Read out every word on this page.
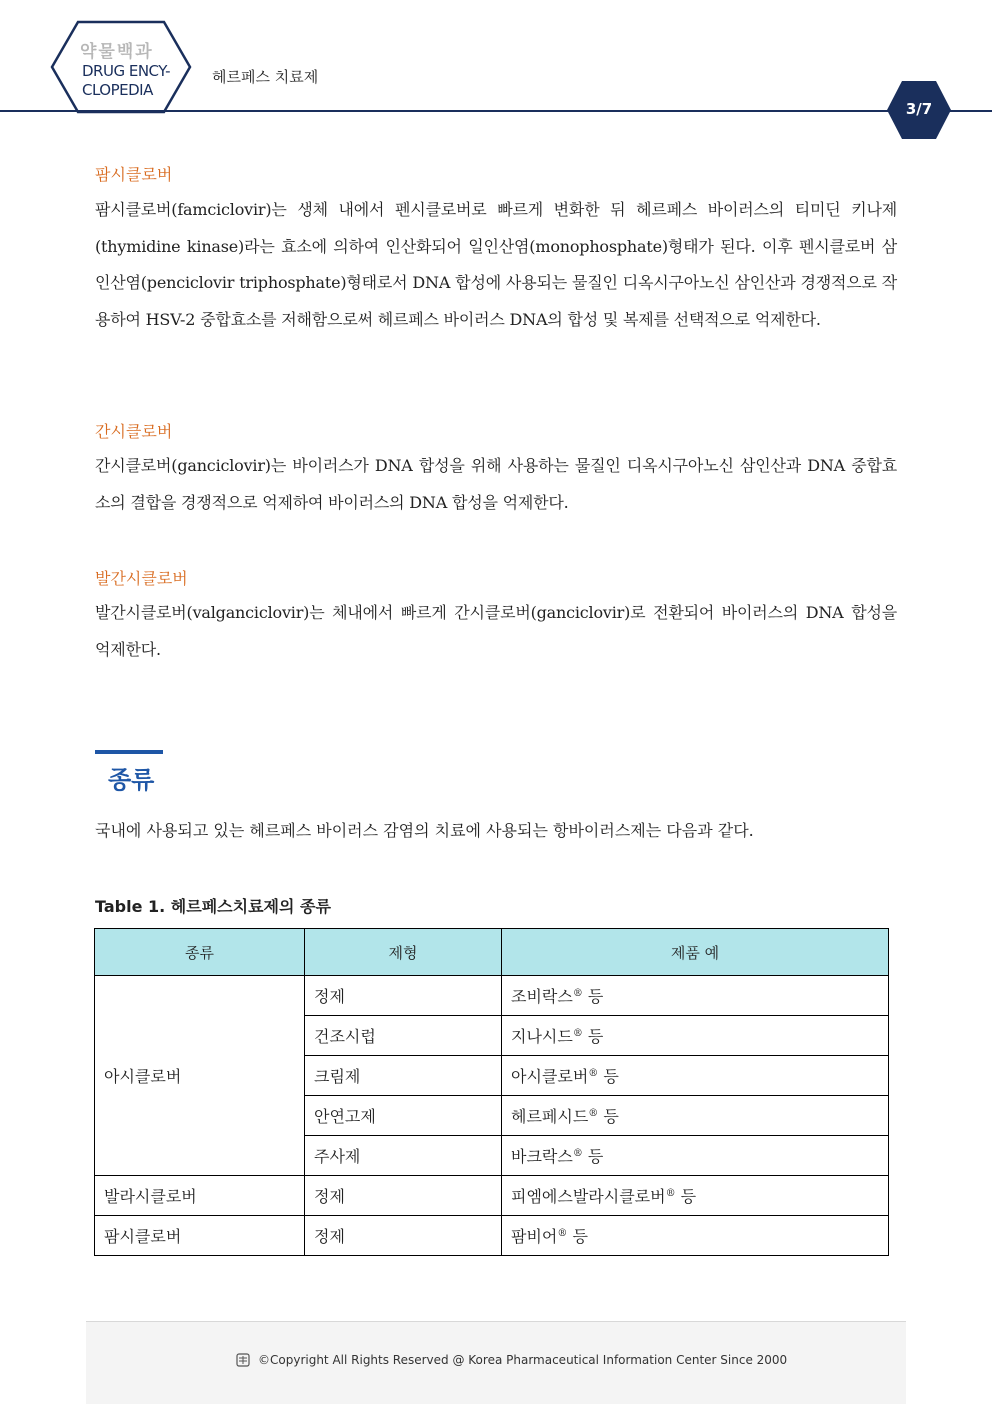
약물백과
DRUG ENCY-
CLOPEDIA
헤르페스 치료제
3/7
팜시클로버
팜시클로버(famciclovir)는 생체 내에서 펜시클로버로 빠르게 변화한 뒤 헤르페스 바이러스의 티미딘 키나제(thymidine kinase)라는 효소에 의하여 인산화되어 일인산염(monophosphate)형태가 된다. 이후 펜시클로버 삼인산염(penciclovir triphosphate)형태로서 DNA 합성에 사용되는 물질인 디옥시구아노신 삼인산과 경쟁적으로 작용하여 HSV-2 중합효소를 저해함으로써 헤르페스 바이러스 DNA의 합성 및 복제를 선택적으로 억제한다.
간시클로버
간시클로버(ganciclovir)는 바이러스가 DNA 합성을 위해 사용하는 물질인 디옥시구아노신 삼인산과 DNA 중합효소의 결합을 경쟁적으로 억제하여 바이러스의 DNA 합성을 억제한다.
발간시클로버
발간시클로버(valganciclovir)는 체내에서 빠르게 간시클로버(ganciclovir)로 전환되어 바이러스의 DNA 합성을 억제한다.
종류
국내에 사용되고 있는 헤르페스 바이러스 감염의 치료에 사용되는 항바이러스제는 다음과 같다.
Table 1. 헤르페스치료제의 종류
종류	제형	제품 예
아시클로버	정제	조비락스® 등
	건조시럽	지나시드® 등
	크림제	아시클로버® 등
	안연고제	헤르페시드® 등
	주사제	바크락스® 등
발라시클로버	정제	피엠에스발라시클로버® 등
팜시클로버	정제	팜비어® 등
©Copyright All Rights Reserved @ Korea Pharmaceutical Information Center Since 2000
